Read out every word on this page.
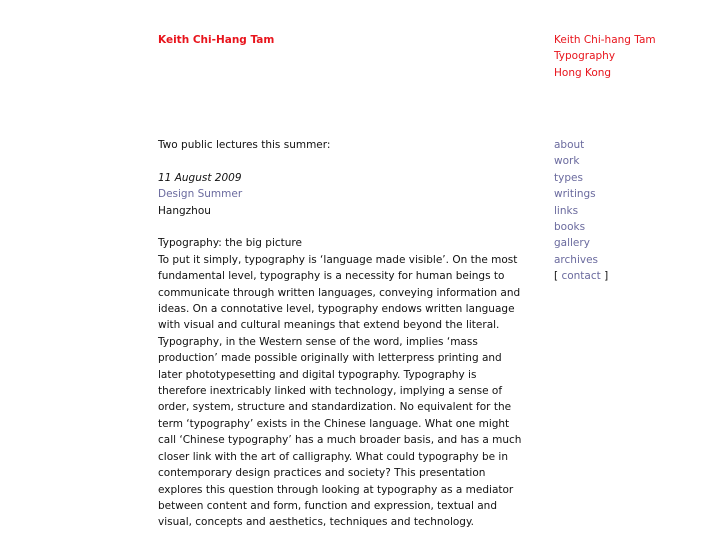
Keith Chi-Hang Tam	Keith Chi-hang Tam
Typography
Hong Kong

Two public lectures this summer:

11 August 2009

Design Summer

Hangzhou

Typography: the big picture

To put it simply, typography is ‘language made visible’. On the most fundamental level, typography is a necessity for human beings to communicate through written languages, conveying information and ideas. On a connotative level, typography endows written language with visual and cultural meanings that extend beyond the literal. Typography, in the Western sense of the word, implies ‘mass production’ made possible originally with letterpress printing and later phototypesetting and digital typography. Typography is therefore inextricably linked with technology, implying a sense of order, system, structure and standardization. No equivalent for the term ‘typography’ exists in the Chinese language. What one might call ‘Chinese typography’ has a much broader basis, and has a much closer link with the art of calligraphy. What could typography be in contemporary design practices and society? This presentation explores this question through looking at typography as a mediator between content and form, function and expression, textual and visual, concepts and aesthetics, techniques and technology.

about
work
types
writings
links
books
gallery
archives
[ contact ]
